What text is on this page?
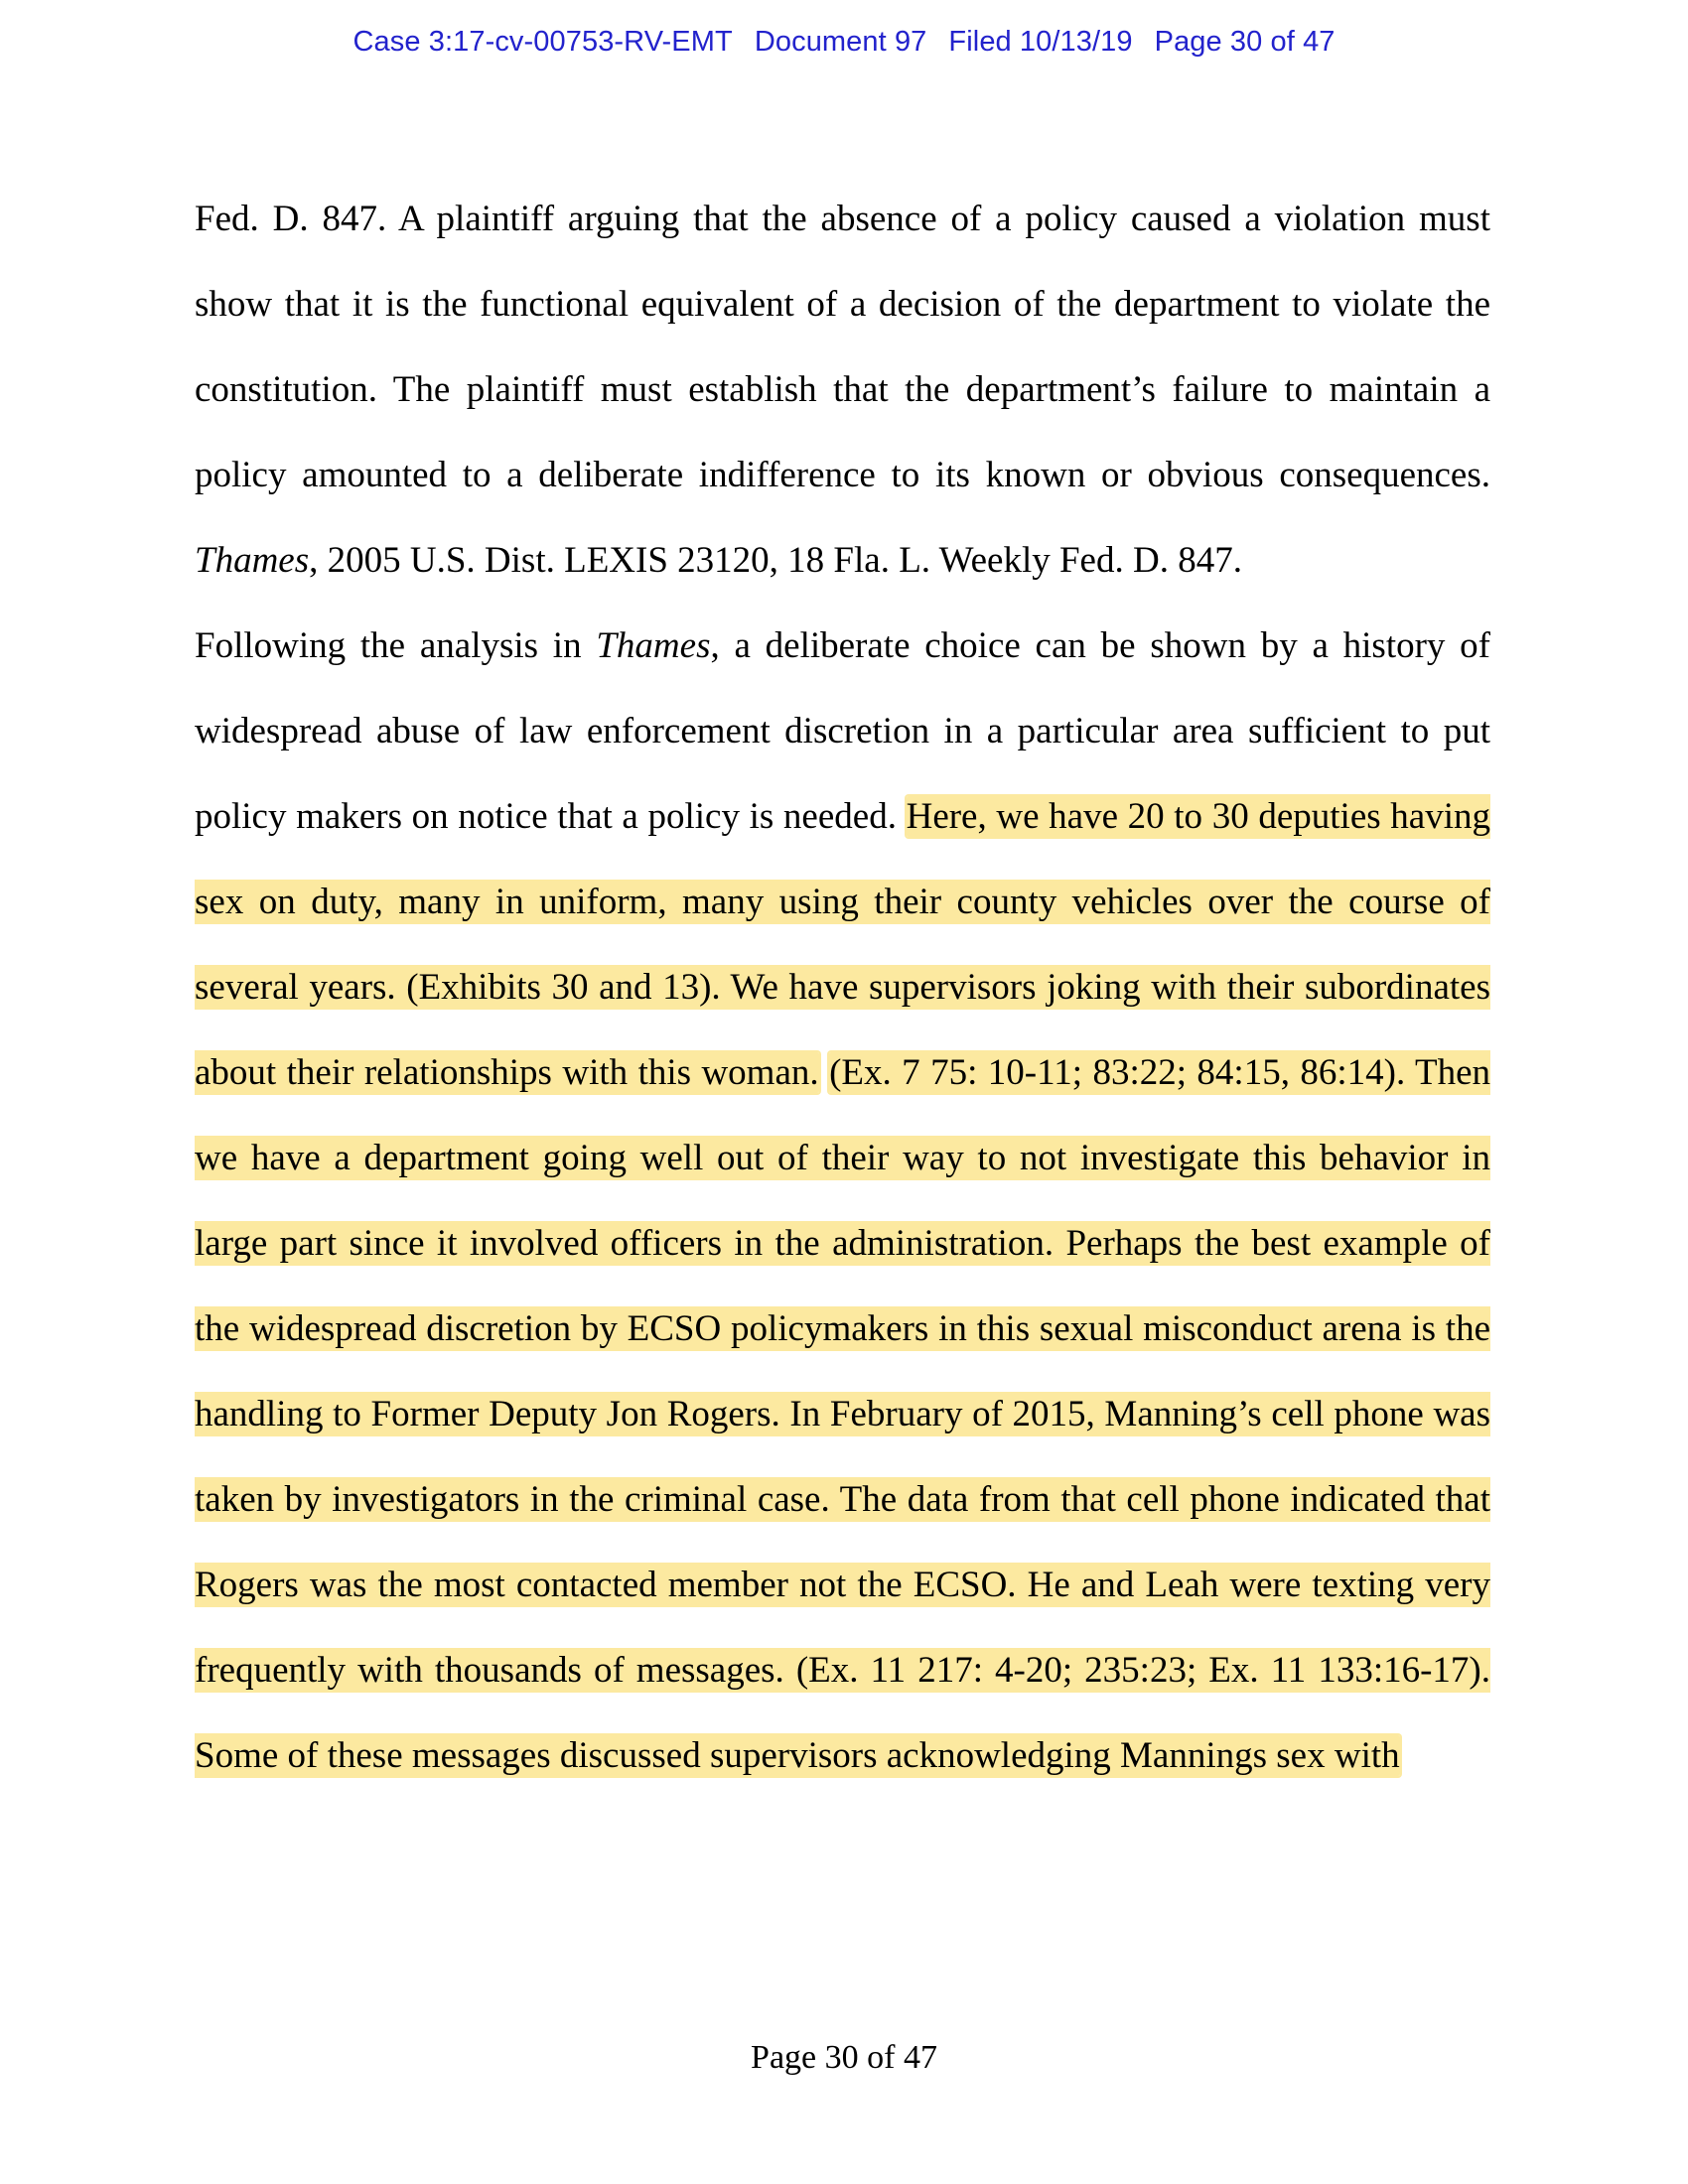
Case 3:17-cv-00753-RV-EMT Document 97 Filed 10/13/19 Page 30 of 47

Fed. D. 847. A plaintiff arguing that the absence of a policy caused a violation must show that it is the functional equivalent of a decision of the department to violate the constitution. The plaintiff must establish that the department’s failure to maintain a policy amounted to a deliberate indifference to its known or obvious consequences. Thames, 2005 U.S. Dist. LEXIS 23120, 18 Fla. L. Weekly Fed. D. 847.

Following the analysis in Thames, a deliberate choice can be shown by a history of widespread abuse of law enforcement discretion in a particular area sufficient to put policy makers on notice that a policy is needed. Here, we have 20 to 30 deputies having sex on duty, many in uniform, many using their county vehicles over the course of several years. (Exhibits 30 and 13). We have supervisors joking with their subordinates about their relationships with this woman. (Ex. 7 75: 10-11; 83:22; 84:15, 86:14). Then we have a department going well out of their way to not investigate this behavior in large part since it involved officers in the administration. Perhaps the best example of the widespread discretion by ECSO policymakers in this sexual misconduct arena is the handling to Former Deputy Jon Rogers. In February of 2015, Manning’s cell phone was taken by investigators in the criminal case. The data from that cell phone indicated that Rogers was the most contacted member not the ECSO. He and Leah were texting very frequently with thousands of messages. (Ex. 11 217: 4-20; 235:23; Ex. 11 133:16-17). Some of these messages discussed supervisors acknowledging Mannings sex with

Page 30 of 47
